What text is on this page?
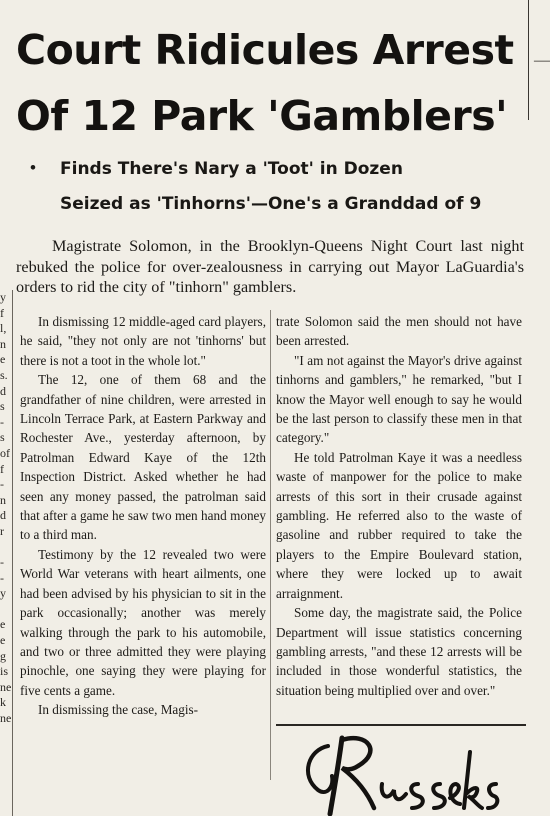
y
f
l,
n
e
s.
d
s
-
s
of
f
-
n
d
r

-
-
y

e
e
g
is
ne
k
ne
—
Court Ridicules Arrest
Of 12 Park 'Gamblers'
• Finds There's Nary a 'Toot' in Dozen
Seized as 'Tinhorns'—One's a Granddad of 9
Magistrate Solomon, in the Brooklyn-Queens Night Court last night rebuked the police for over-zealousness in carrying out Mayor LaGuardia's orders to rid the city of "tinhorn" gamblers.

In dismissing 12 middle-aged card players, he said, "they not only are not 'tinhorns' but there is not a toot in the whole lot."

The 12, one of them 68 and the grandfather of nine children, were arrested in Lincoln Terrace Park, at Eastern Parkway and Rochester Ave., yesterday afternoon, by Patrolman Edward Kaye of the 12th Inspection District. Asked whether he had seen any money passed, the patrolman said that after a game he saw two men hand money to a third man.

Testimony by the 12 revealed two were World War veterans with heart ailments, one had been advised by his physician to sit in the park occasionally; another was merely walking through the park to his automobile, and two or three admitted they were playing pinochle, one saying they were playing for five cents a game.

In dismissing the case, Magis-

trate Solomon said the men should not have been arrested.

"I am not against the Mayor's drive against tinhorns and gamblers," he remarked, "but I know the Mayor well enough to say he would be the last person to classify these men in that category."

He told Patrolman Kaye it was a needless waste of manpower for the police to make arrests of this sort in their crusade against gambling. He referred also to the waste of gasoline and rubber required to take the players to the Empire Boulevard station, where they were locked up to await arraignment.

Some day, the magistrate said, the Police Department will issue statistics concerning gambling arrests, "and these 12 arrests will be included in those wonderful statistics, the situation being multiplied over and over."
